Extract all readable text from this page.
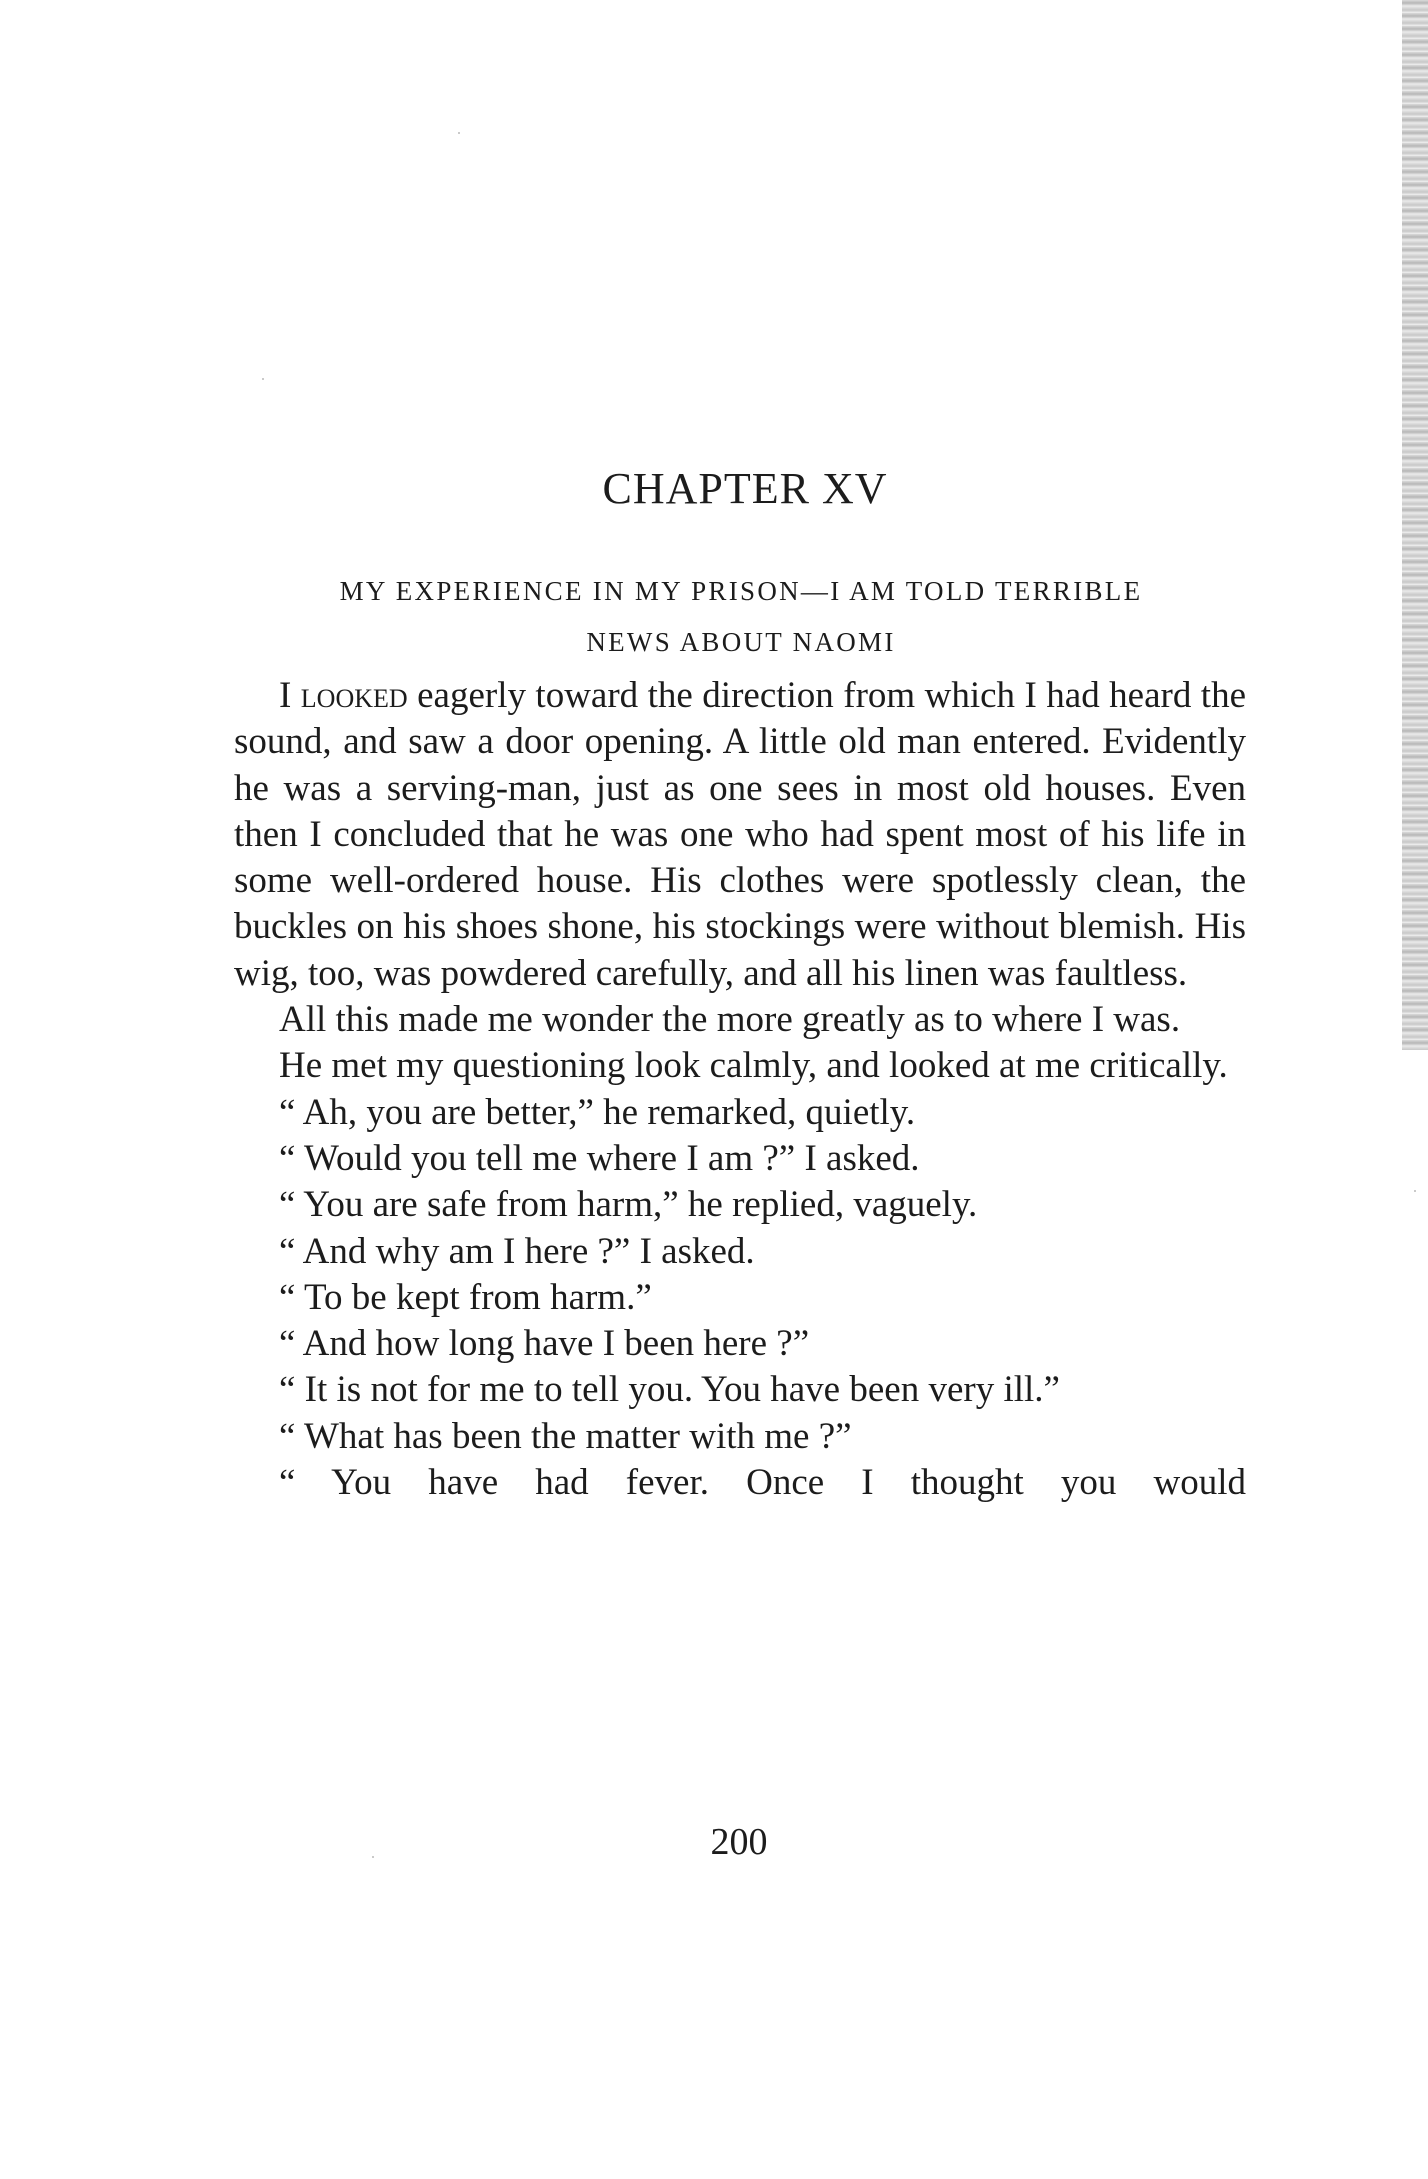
CHAPTER XV
MY EXPERIENCE IN MY PRISON—I AM TOLD TERRIBLE
NEWS ABOUT NAOMI

I looked eagerly toward the direction from which I had heard the sound, and saw a door opening. A little old man entered. Evidently he was a serving-man, just as one sees in most old houses. Even then I concluded that he was one who had spent most of his life in some well-ordered house. His clothes were spotlessly clean, the buckles on his shoes shone, his stockings were without blemish. His wig, too, was powdered carefully, and all his linen was faultless.

All this made me wonder the more greatly as to where I was.

He met my questioning look calmly, and looked at me critically.

“ Ah, you are better,” he remarked, quietly.

“ Would you tell me where I am ?” I asked.

“ You are safe from harm,” he replied, vaguely.

“ And why am I here ?” I asked.

“ To be kept from harm.”

“ And how long have I been here ?”

“ It is not for me to tell you. You have been very ill.”

“ What has been the matter with me ?”

“ You have had fever. Once I thought you would

200
